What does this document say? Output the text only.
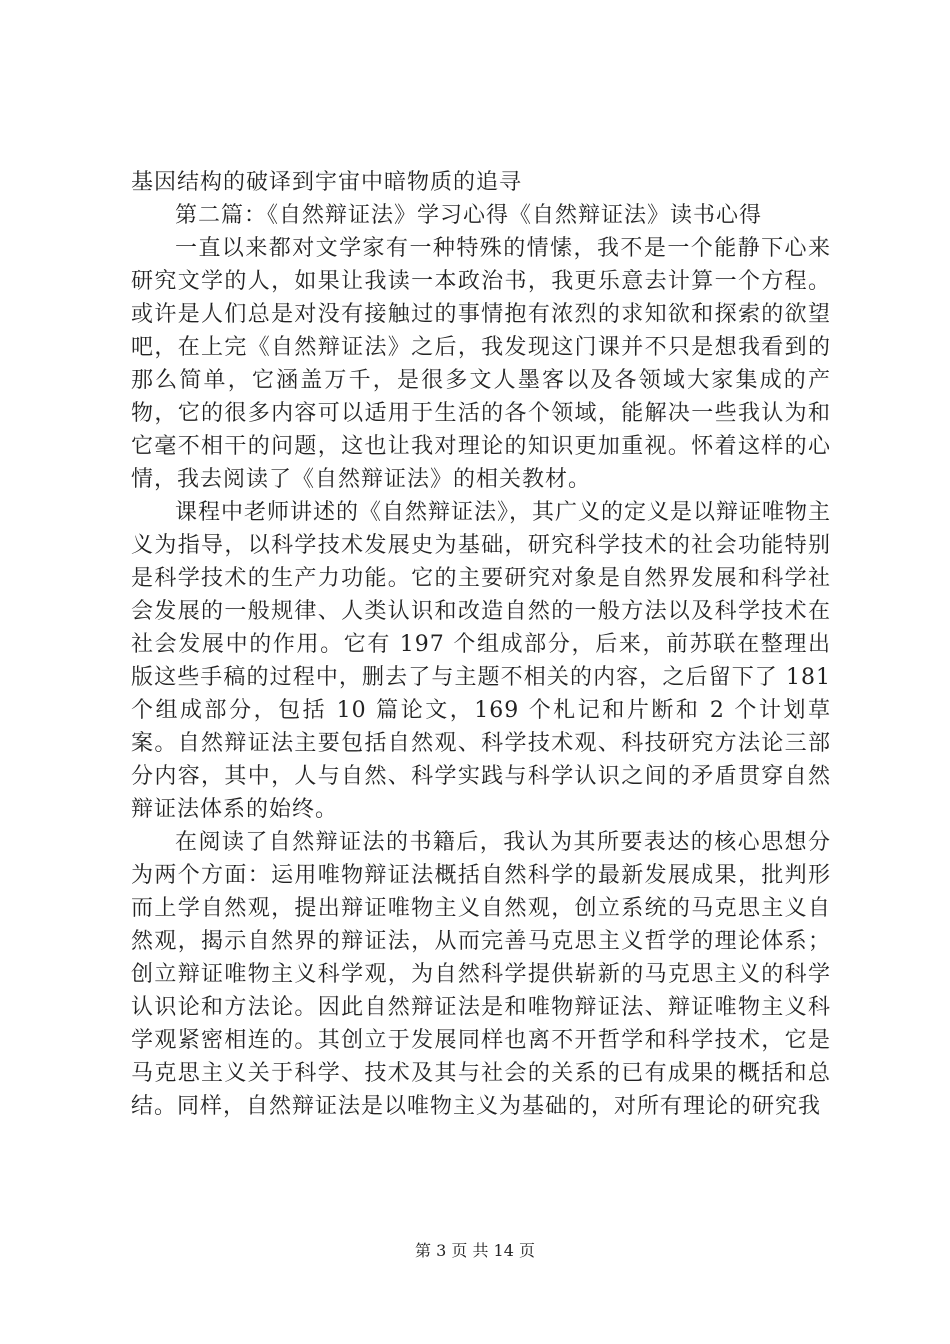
基因结构的破译到宇宙中暗物质的追寻

第二篇：《自然辩证法》学习心得《自然辩证法》读书心得

一直以来都对文学家有一种特殊的情愫，我不是一个能静下心来研究文学的人，如果让我读一本政治书，我更乐意去计算一个方程。或许是人们总是对没有接触过的事情抱有浓烈的求知欲和探索的欲望吧，在上完《自然辩证法》之后，我发现这门课并不只是想我看到的那么简单，它涵盖万千，是很多文人墨客以及各领域大家集成的产物，它的很多内容可以适用于生活的各个领域，能解决一些我认为和它毫不相干的问题，这也让我对理论的知识更加重视。怀着这样的心情，我去阅读了《自然辩证法》的相关教材。

课程中老师讲述的《自然辩证法》，其广义的定义是以辩证唯物主义为指导，以科学技术发展史为基础，研究科学技术的社会功能特别是科学技术的生产力功能。它的主要研究对象是自然界发展和科学社会发展的一般规律、人类认识和改造自然的一般方法以及科学技术在社会发展中的作用。它有 197 个组成部分，后来，前苏联在整理出版这些手稿的过程中，删去了与主题不相关的内容，之后留下了 181 个组成部分，包括 10 篇论文，169 个札记和片断和 2 个计划草案。自然辩证法主要包括自然观、科学技术观、科技研究方法论三部分内容，其中，人与自然、科学实践与科学认识之间的矛盾贯穿自然辩证法体系的始终。

在阅读了自然辩证法的书籍后，我认为其所要表达的核心思想分为两个方面：运用唯物辩证法概括自然科学的最新发展成果，批判形而上学自然观，提出辩证唯物主义自然观，创立系统的马克思主义自然观，揭示自然界的辩证法，从而完善马克思主义哲学的理论体系；创立辩证唯物主义科学观，为自然科学提供崭新的马克思主义的科学认识论和方法论。因此自然辩证法是和唯物辩证法、辩证唯物主义科学观紧密相连的。其创立于发展同样也离不开哲学和科学技术，它是马克思主义关于科学、技术及其与社会的关系的已有成果的概括和总结。同样，自然辩证法是以唯物主义为基础的，对所有理论的研究我

第 3 页 共 14 页
